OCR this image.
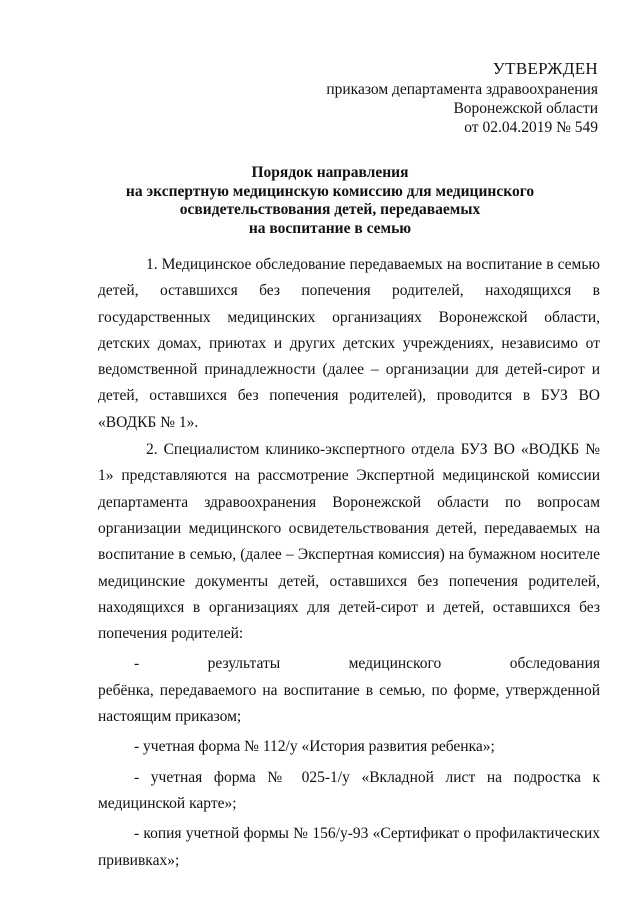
УТВЕРЖДЕН
приказом департамента здравоохранения
Воронежской области
от 02.04.2019 № 549
Порядок направления
на экспертную медицинскую комиссию для медицинского
освидетельствования детей, передаваемых
на воспитание в семью

1. Медицинское обследование передаваемых на воспитание в семью детей, оставшихся без попечения родителей, находящихся в государственных медицинских организациях Воронежской области, детских домах, приютах и других детских учреждениях, независимо от ведомственной принадлежности (далее – организации для детей-сирот и детей, оставшихся без попечения родителей), проводится в БУЗ ВО «ВОДКБ № 1».

2. Специалистом клинико-экспертного отдела БУЗ ВО «ВОДКБ № 1» представляются на рассмотрение Экспертной медицинской комиссии департамента здравоохранения Воронежской области по вопросам организации медицинского освидетельствования детей, передаваемых на воспитание в семью, (далее – Экспертная комиссия) на бумажном носителе медицинские документы детей, оставшихся без попечения родителей, находящихся в организациях для детей-сирот и детей, оставшихся без попечения родителей:

-          результаты          медицинского          обследования          ребёнка, передаваемого на воспитание в семью, по форме, утвержденной настоящим приказом;

- учетная форма № 112/у «История развития ребенка»;

- учетная форма № 025-1/у «Вкладной лист на подростка к медицинской карте»;

- копия учетной формы № 156/у-93 «Сертификат о профилактических прививках»;
